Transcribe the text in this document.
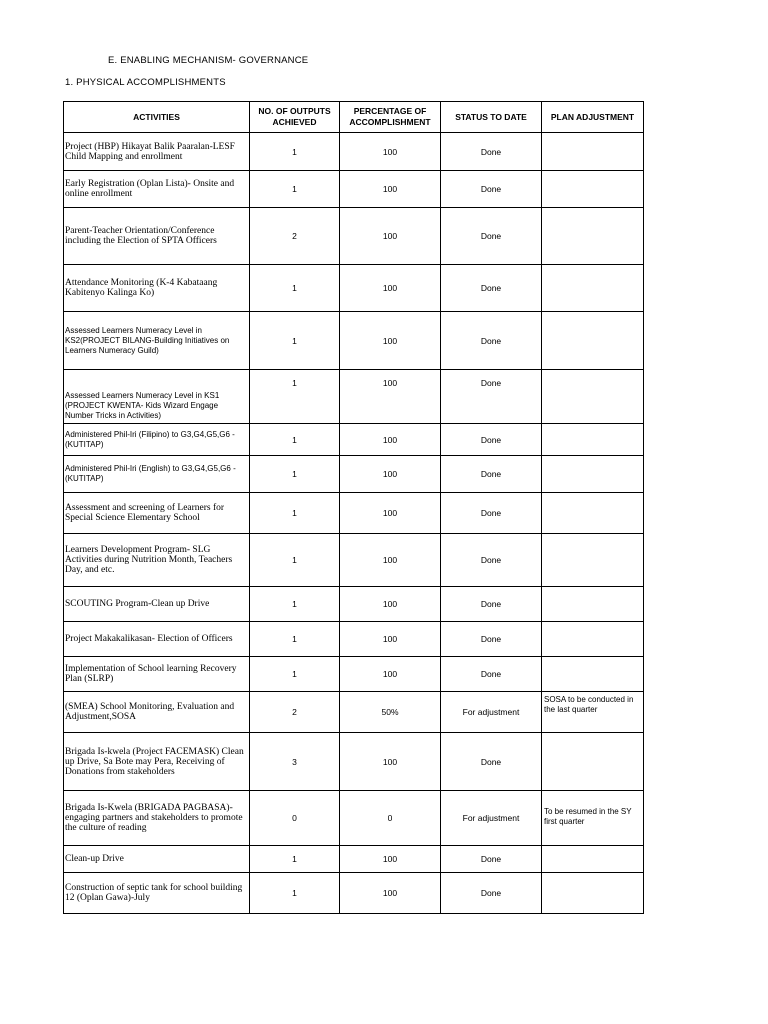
E. ENABLING MECHANISM- GOVERNANCE
1. PHYSICAL ACCOMPLISHMENTS
ACTIVITIES	NO. OF OUTPUTS ACHIEVED	PERCENTAGE OF ACCOMPLISHMENT	STATUS TO DATE	PLAN ADJUSTMENT
Project (HBP) Hikayat Balik Paaralan-LESF Child Mapping and enrollment	1	100	Done	
Early Registration (Oplan Lista)- Onsite and online enrollment	1	100	Done	
Parent-Teacher Orientation/Conference including the Election of SPTA Officers	2	100	Done	
Attendance Monitoring (K-4 Kabataang Kabitenyo Kalinga Ko)	1	100	Done	
Assessed Learners Numeracy Level in KS2(PROJECT BILANG-Building Initiatives on Learners Numeracy Guild)	1	100	Done	
Assessed Learners Numeracy Level in KS1 (PROJECT KWENTA- Kids Wizard Engage Number Tricks in Activities)	1	100	Done	
Administered Phil-Iri (Filipino) to G3,G4,G5,G6 - (KUTITAP)	1	100	Done	
Administered Phil-Iri (English) to G3,G4,G5,G6 - (KUTITAP)	1	100	Done	
Assessment and screening of Learners for Special Science Elementary School	1	100	Done	
Learners Development Program- SLG Activities during Nutrition Month, Teachers Day, and etc.	1	100	Done	
SCOUTING Program-Clean up Drive	1	100	Done	
Project Makakalikasan- Election of Officers	1	100	Done	
Implementation of School learning Recovery Plan (SLRP)	1	100	Done	
(SMEA) School Monitoring, Evaluation and Adjustment,SOSA	2	50%	For adjustment	SOSA to be conducted in the last quarter
Brigada Is-kwela (Project FACEMASK) Clean up Drive, Sa Bote may Pera, Receiving of Donations from stakeholders	3	100	Done	
Brigada Is-Kwela (BRIGADA PAGBASA)-engaging partners and stakeholders to promote the culture of reading	0	0	For adjustment	To be resumed in the SY first quarter
Clean-up Drive	1	100	Done	
Construction of septic tank for school building 12 (Oplan Gawa)-July	1	100	Done	
